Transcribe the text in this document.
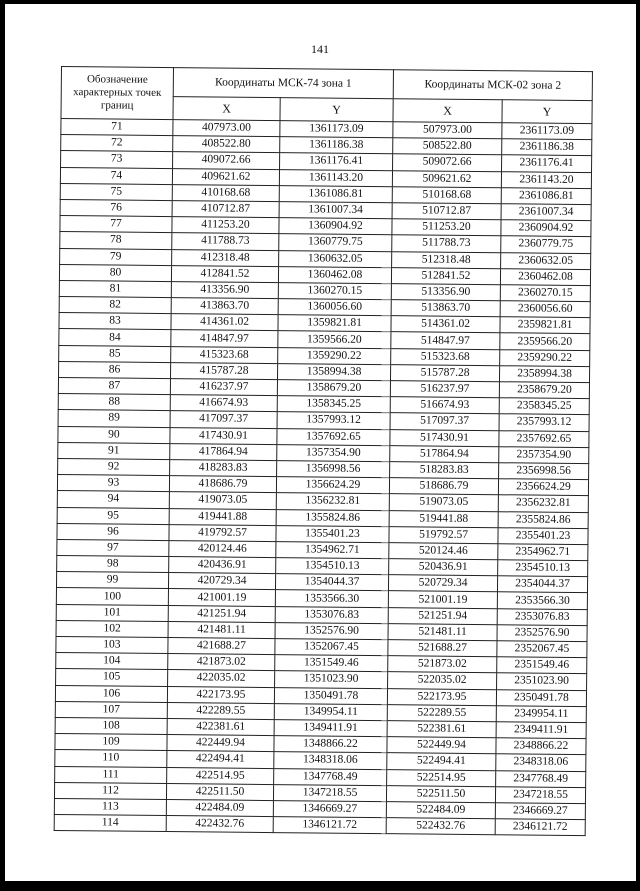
141
Обозначение характерных точек границ	Координаты МСК-74 зона 1		Координаты МСК-02 зона 2	
	X	Y	X	Y
71	407973.00	1361173.09	507973.00	2361173.09
72	408522.80	1361186.38	508522.80	2361186.38
73	409072.66	1361176.41	509072.66	2361176.41
74	409621.62	1361143.20	509621.62	2361143.20
75	410168.68	1361086.81	510168.68	2361086.81
76	410712.87	1361007.34	510712.87	2361007.34
77	411253.20	1360904.92	511253.20	2360904.92
78	411788.73	1360779.75	511788.73	2360779.75
79	412318.48	1360632.05	512318.48	2360632.05
80	412841.52	1360462.08	512841.52	2360462.08
81	413356.90	1360270.15	513356.90	2360270.15
82	413863.70	1360056.60	513863.70	2360056.60
83	414361.02	1359821.81	514361.02	2359821.81
84	414847.97	1359566.20	514847.97	2359566.20
85	415323.68	1359290.22	515323.68	2359290.22
86	415787.28	1358994.38	515787.28	2358994.38
87	416237.97	1358679.20	516237.97	2358679.20
88	416674.93	1358345.25	516674.93	2358345.25
89	417097.37	1357993.12	517097.37	2357993.12
90	417430.91	1357692.65	517430.91	2357692.65
91	417864.94	1357354.90	517864.94	2357354.90
92	418283.83	1356998.56	518283.83	2356998.56
93	418686.79	1356624.29	518686.79	2356624.29
94	419073.05	1356232.81	519073.05	2356232.81
95	419441.88	1355824.86	519441.88	2355824.86
96	419792.57	1355401.23	519792.57	2355401.23
97	420124.46	1354962.71	520124.46	2354962.71
98	420436.91	1354510.13	520436.91	2354510.13
99	420729.34	1354044.37	520729.34	2354044.37
100	421001.19	1353566.30	521001.19	2353566.30
101	421251.94	1353076.83	521251.94	2353076.83
102	421481.11	1352576.90	521481.11	2352576.90
103	421688.27	1352067.45	521688.27	2352067.45
104	421873.02	1351549.46	521873.02	2351549.46
105	422035.02	1351023.90	522035.02	2351023.90
106	422173.95	1350491.78	522173.95	2350491.78
107	422289.55	1349954.11	522289.55	2349954.11
108	422381.61	1349411.91	522381.61	2349411.91
109	422449.94	1348866.22	522449.94	2348866.22
110	422494.41	1348318.06	522494.41	2348318.06
111	422514.95	1347768.49	522514.95	2347768.49
112	422511.50	1347218.55	522511.50	2347218.55
113	422484.09	1346669.27	522484.09	2346669.27
114	422432.76	1346121.72	522432.76	2346121.72
